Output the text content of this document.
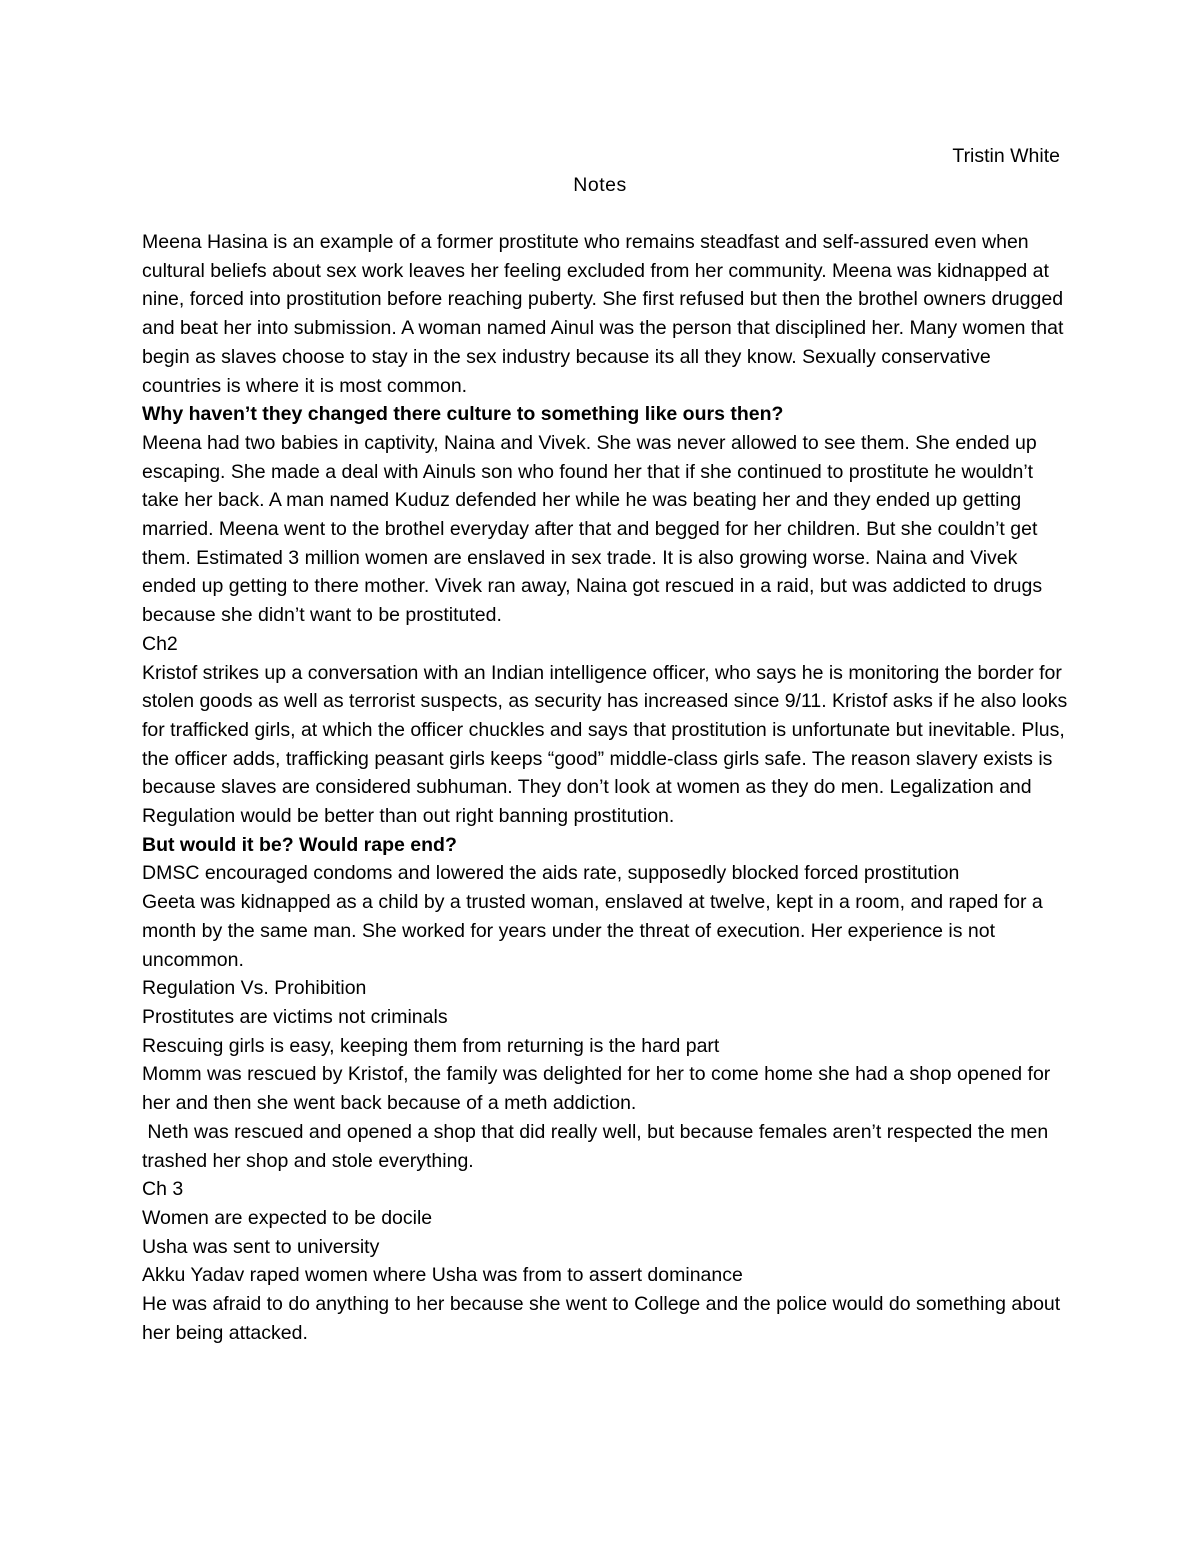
Tristin White
Notes

Meena Hasina is an example of a former prostitute who remains steadfast and self-assured even when cultural beliefs about sex work leaves her feeling excluded from her community. Meena was kidnapped at nine, forced into prostitution before reaching puberty. She first refused but then the brothel owners drugged and beat her into submission. A woman named Ainul was the person that disciplined her. Many women that begin as slaves choose to stay in the sex industry because its all they know. Sexually conservative countries is where it is most common.

Why haven’t they changed there culture to something like ours then?

Meena had two babies in captivity, Naina and Vivek. She was never allowed to see them. She ended up escaping. She made a deal with Ainuls son who found her that if she continued to prostitute he wouldn’t take her back. A man named Kuduz defended her while he was beating her and they ended up getting married. Meena went to the brothel everyday after that and begged for her children. But she couldn’t get them. Estimated 3 million women are enslaved in sex trade. It is also growing worse. Naina and Vivek ended up getting to there mother. Vivek ran away, Naina got rescued in a raid, but was addicted to drugs because she didn’t want to be prostituted.

Ch2

Kristof strikes up a conversation with an Indian intelligence officer, who says he is monitoring the border for stolen goods as well as terrorist suspects, as security has increased since 9/11. Kristof asks if he also looks for trafficked girls, at which the officer chuckles and says that prostitution is unfortunate but inevitable. Plus, the officer adds, trafficking peasant girls keeps “good” middle-class girls safe. The reason slavery exists is because slaves are considered subhuman. They don’t look at women as they do men. Legalization and Regulation would be better than out right banning prostitution.

But would it be? Would rape end?

DMSC encouraged condoms and lowered the aids rate, supposedly blocked forced prostitution

Geeta was kidnapped as a child by a trusted woman, enslaved at twelve, kept in a room, and raped for a month by the same man. She worked for years under the threat of execution. Her experience is not uncommon.

Regulation Vs. Prohibition

Prostitutes are victims not criminals

Rescuing girls is easy, keeping them from returning is the hard part

Momm was rescued by Kristof, the family was delighted for her to come home she had a shop opened for her and then she went back because of a meth addiction.

Neth was rescued and opened a shop that did really well, but because females aren’t respected the men trashed her shop and stole everything.

Ch 3

Women are expected to be docile

Usha was sent to university

Akku Yadav raped women where Usha was from to assert dominance

He was afraid to do anything to her because she went to College and the police would do something about her being attacked.
